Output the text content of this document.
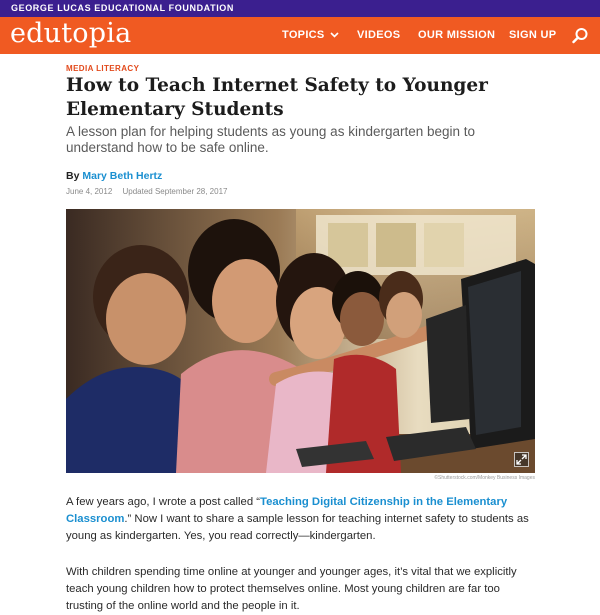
GEORGE LUCAS EDUCATIONAL FOUNDATION
edutopia	TOPICS	VIDEOS OUR MISSION SIGN UP
MEDIA LITERACY
How to Teach Internet Safety to Younger Elementary Students

A lesson plan for helping students as young as kindergarten begin to understand how to be safe online.

By Mary Beth Hertz
June 4, 2012 Updated September 28, 2017
©Shutterstock.com/Monkey Business Images

A few years ago, I wrote a post called “Teaching Digital Citizenship in the Elementary Classroom.” Now I want to share a sample lesson for teaching internet safety to students as young as kindergarten. Yes, you read correctly—kindergarten.

With children spending time online at younger and younger ages, it’s vital that we explicitly teach young children how to protect themselves online. Most young children are far too trusting of the online world and the people in it.
